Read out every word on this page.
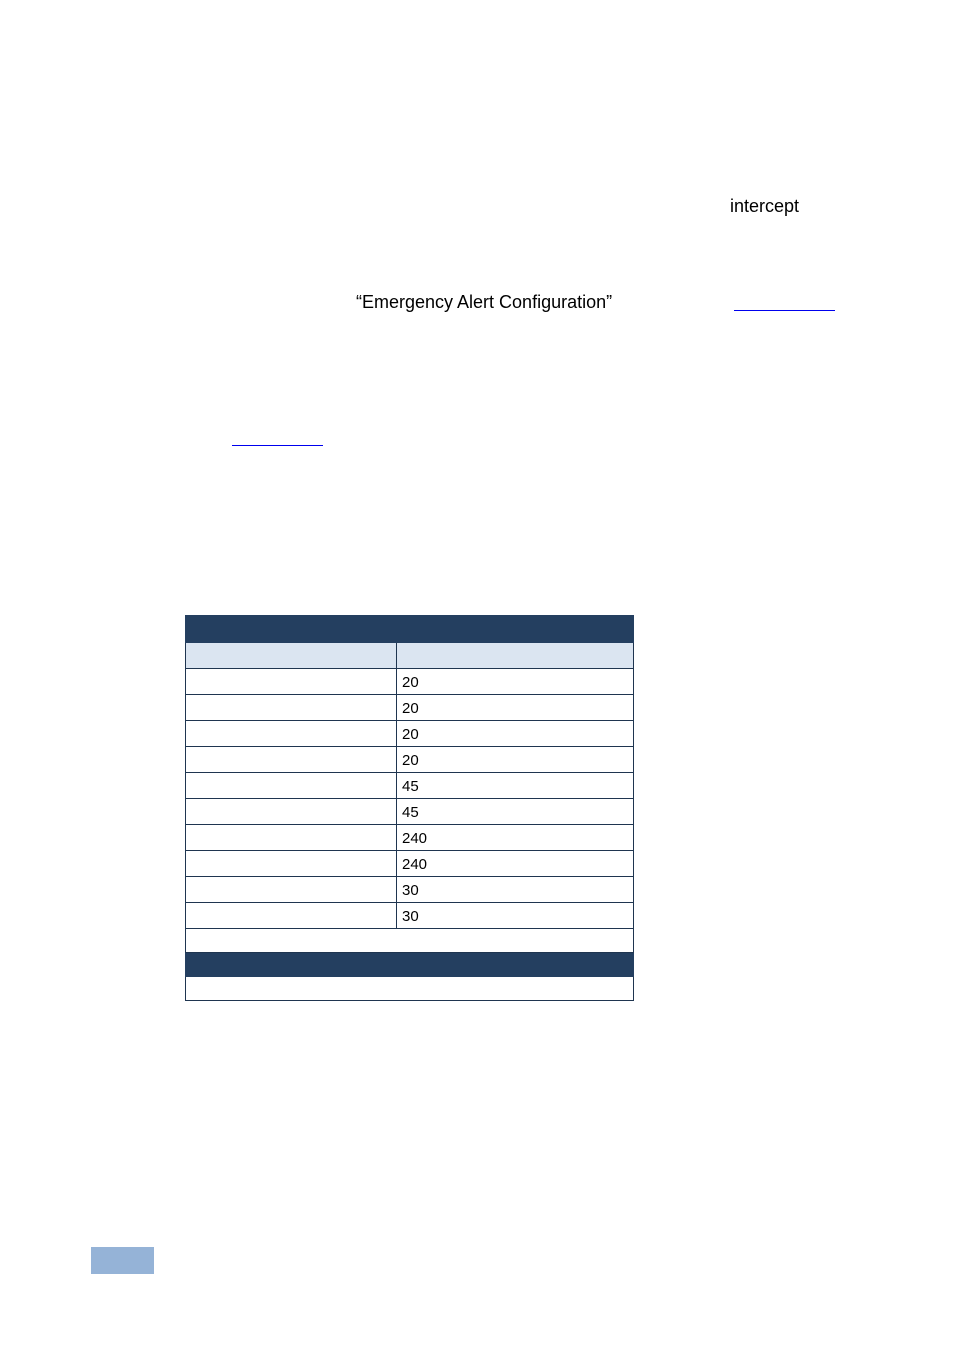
intercept
“Emergency Alert Configuration”

	20
	20
	20
	20
	45
	45
	240
	240
	30
	30
